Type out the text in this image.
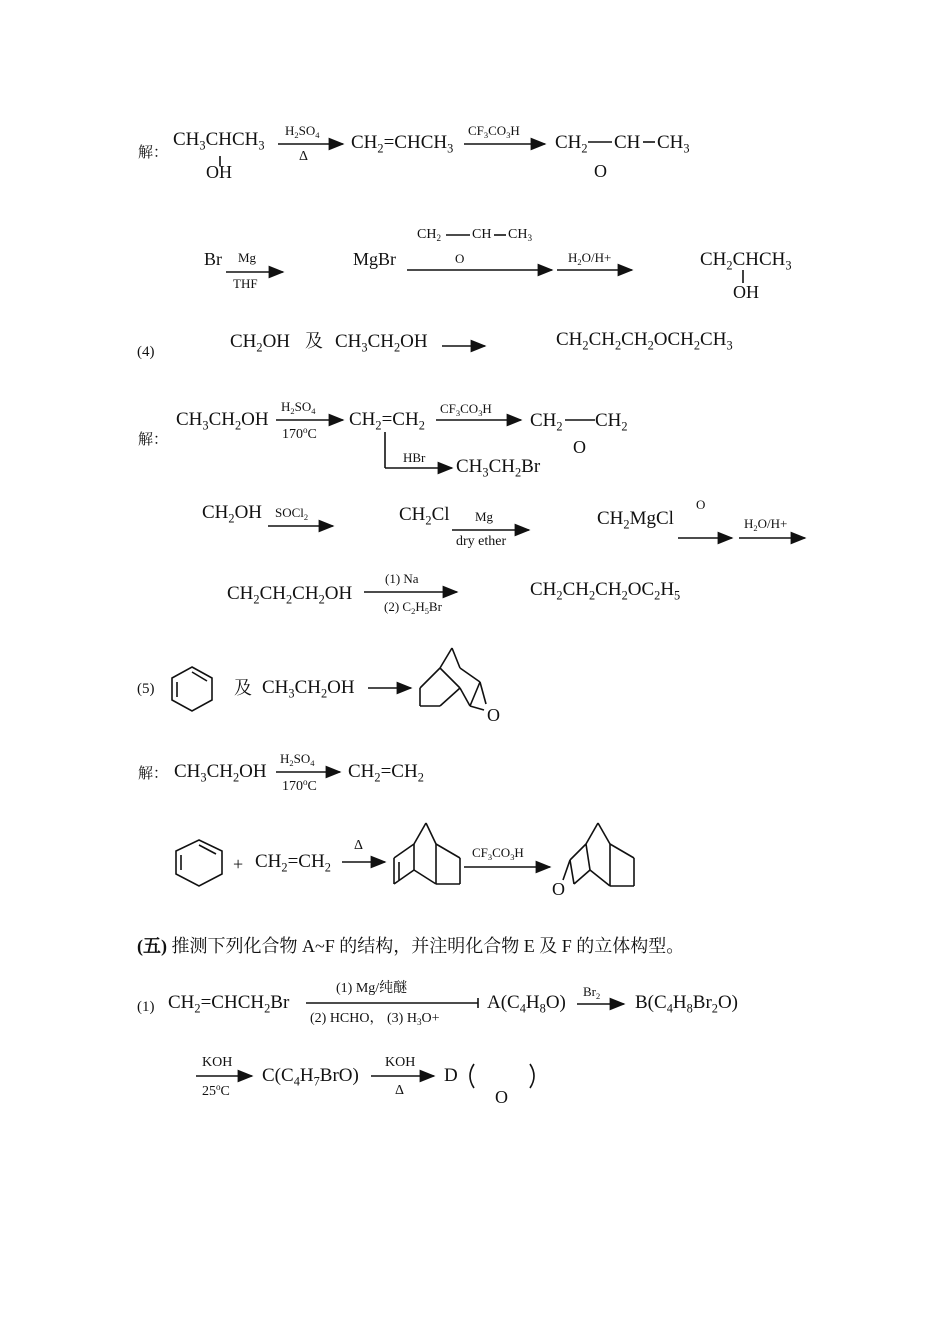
解：
$CH_3CHCH_3$
OH
$H_2SO_4$
Δ
$CH_2=CHCH_3$
$CF_3CO_3H$
$CH_2$ CH $CH_3$
O
Br Mg
THF
MgBr
$CH_2$ CH $CH_3$
O	$H_2O/H+$	$CH_2CHCH_3$
OH
(4)	$CH_2OH$ 及 $CH_3CH_2OH$	$CH_2CH_2CH_2OCH_2CH_3$
解：
$CH_3CH_2OH$
$H_2SO_4$
170$^o$C
$CH_2=CH_2$
$CF_3CO_3H$
$CH_2$ $CH_2$
O
HBr $CH_3CH_2Br$
$CH_2OH$ SOCl$_2$	$CH_2Cl$ Mg
dry ether
$CH_2MgCl$
O
$H_2O/H+$
$CH_2CH_2CH_2OH$
(1) Na
(2) $C_2H_5Br$
$CH_2CH_2CH_2OC_2H_5$
(5)	及 $CH_3CH_2OH$
O
解： $CH_3CH_2OH$
$H_2SO_4$
170$^o$C
$CH_2=CH_2$
+ $CH_2=CH_2$
Δ	$CF_3CO_3H$
O
(五) 推测下列化合物 A~F 的结构，并注明化合物 E 及 F 的立体构型。
(1) $CH_2=CHCH_2Br$
(1) Mg/纯醚
(2) HCHO， (3) $H_3O+$
$A(C_4H_8O)$
$Br_2$ $B(C_4H_8Br_2O)$
KOH
25$^o$C
$C(C_4H_7BrO)$
KOH
Δ
D
O
